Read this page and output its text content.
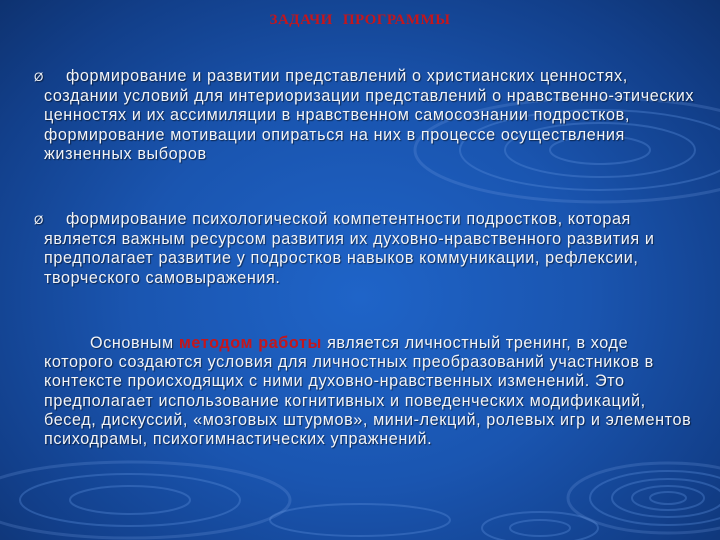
ЗАДАЧИ ПРОГРАММЫ
Ø формирование и развитии представлений о христианских ценностях, создании условий для интериоризации представлений о нравственно-этических ценностях и их ассимиляции в нравственном самосознании подростков, формирование мотивации опираться на них в процессе осуществления жизненных выборов
Ø формирование психологической компетентности подростков, которая является важным ресурсом развития их духовно-нравственного развития и предполагает развитие у подростков навыков коммуникации, рефлексии, творческого самовыражения.
Основным методом работы является личностный тренинг, в ходе которого создаются условия для личностных преобразований участников в контексте происходящих с ними духовно-нравственных изменений. Это предполагает использование когнитивных и поведенческих модификаций, бесед, дискуссий, «мозговых штурмов», мини-лекций, ролевых игр и элементов психодрамы, психогимнастических упражнений.
